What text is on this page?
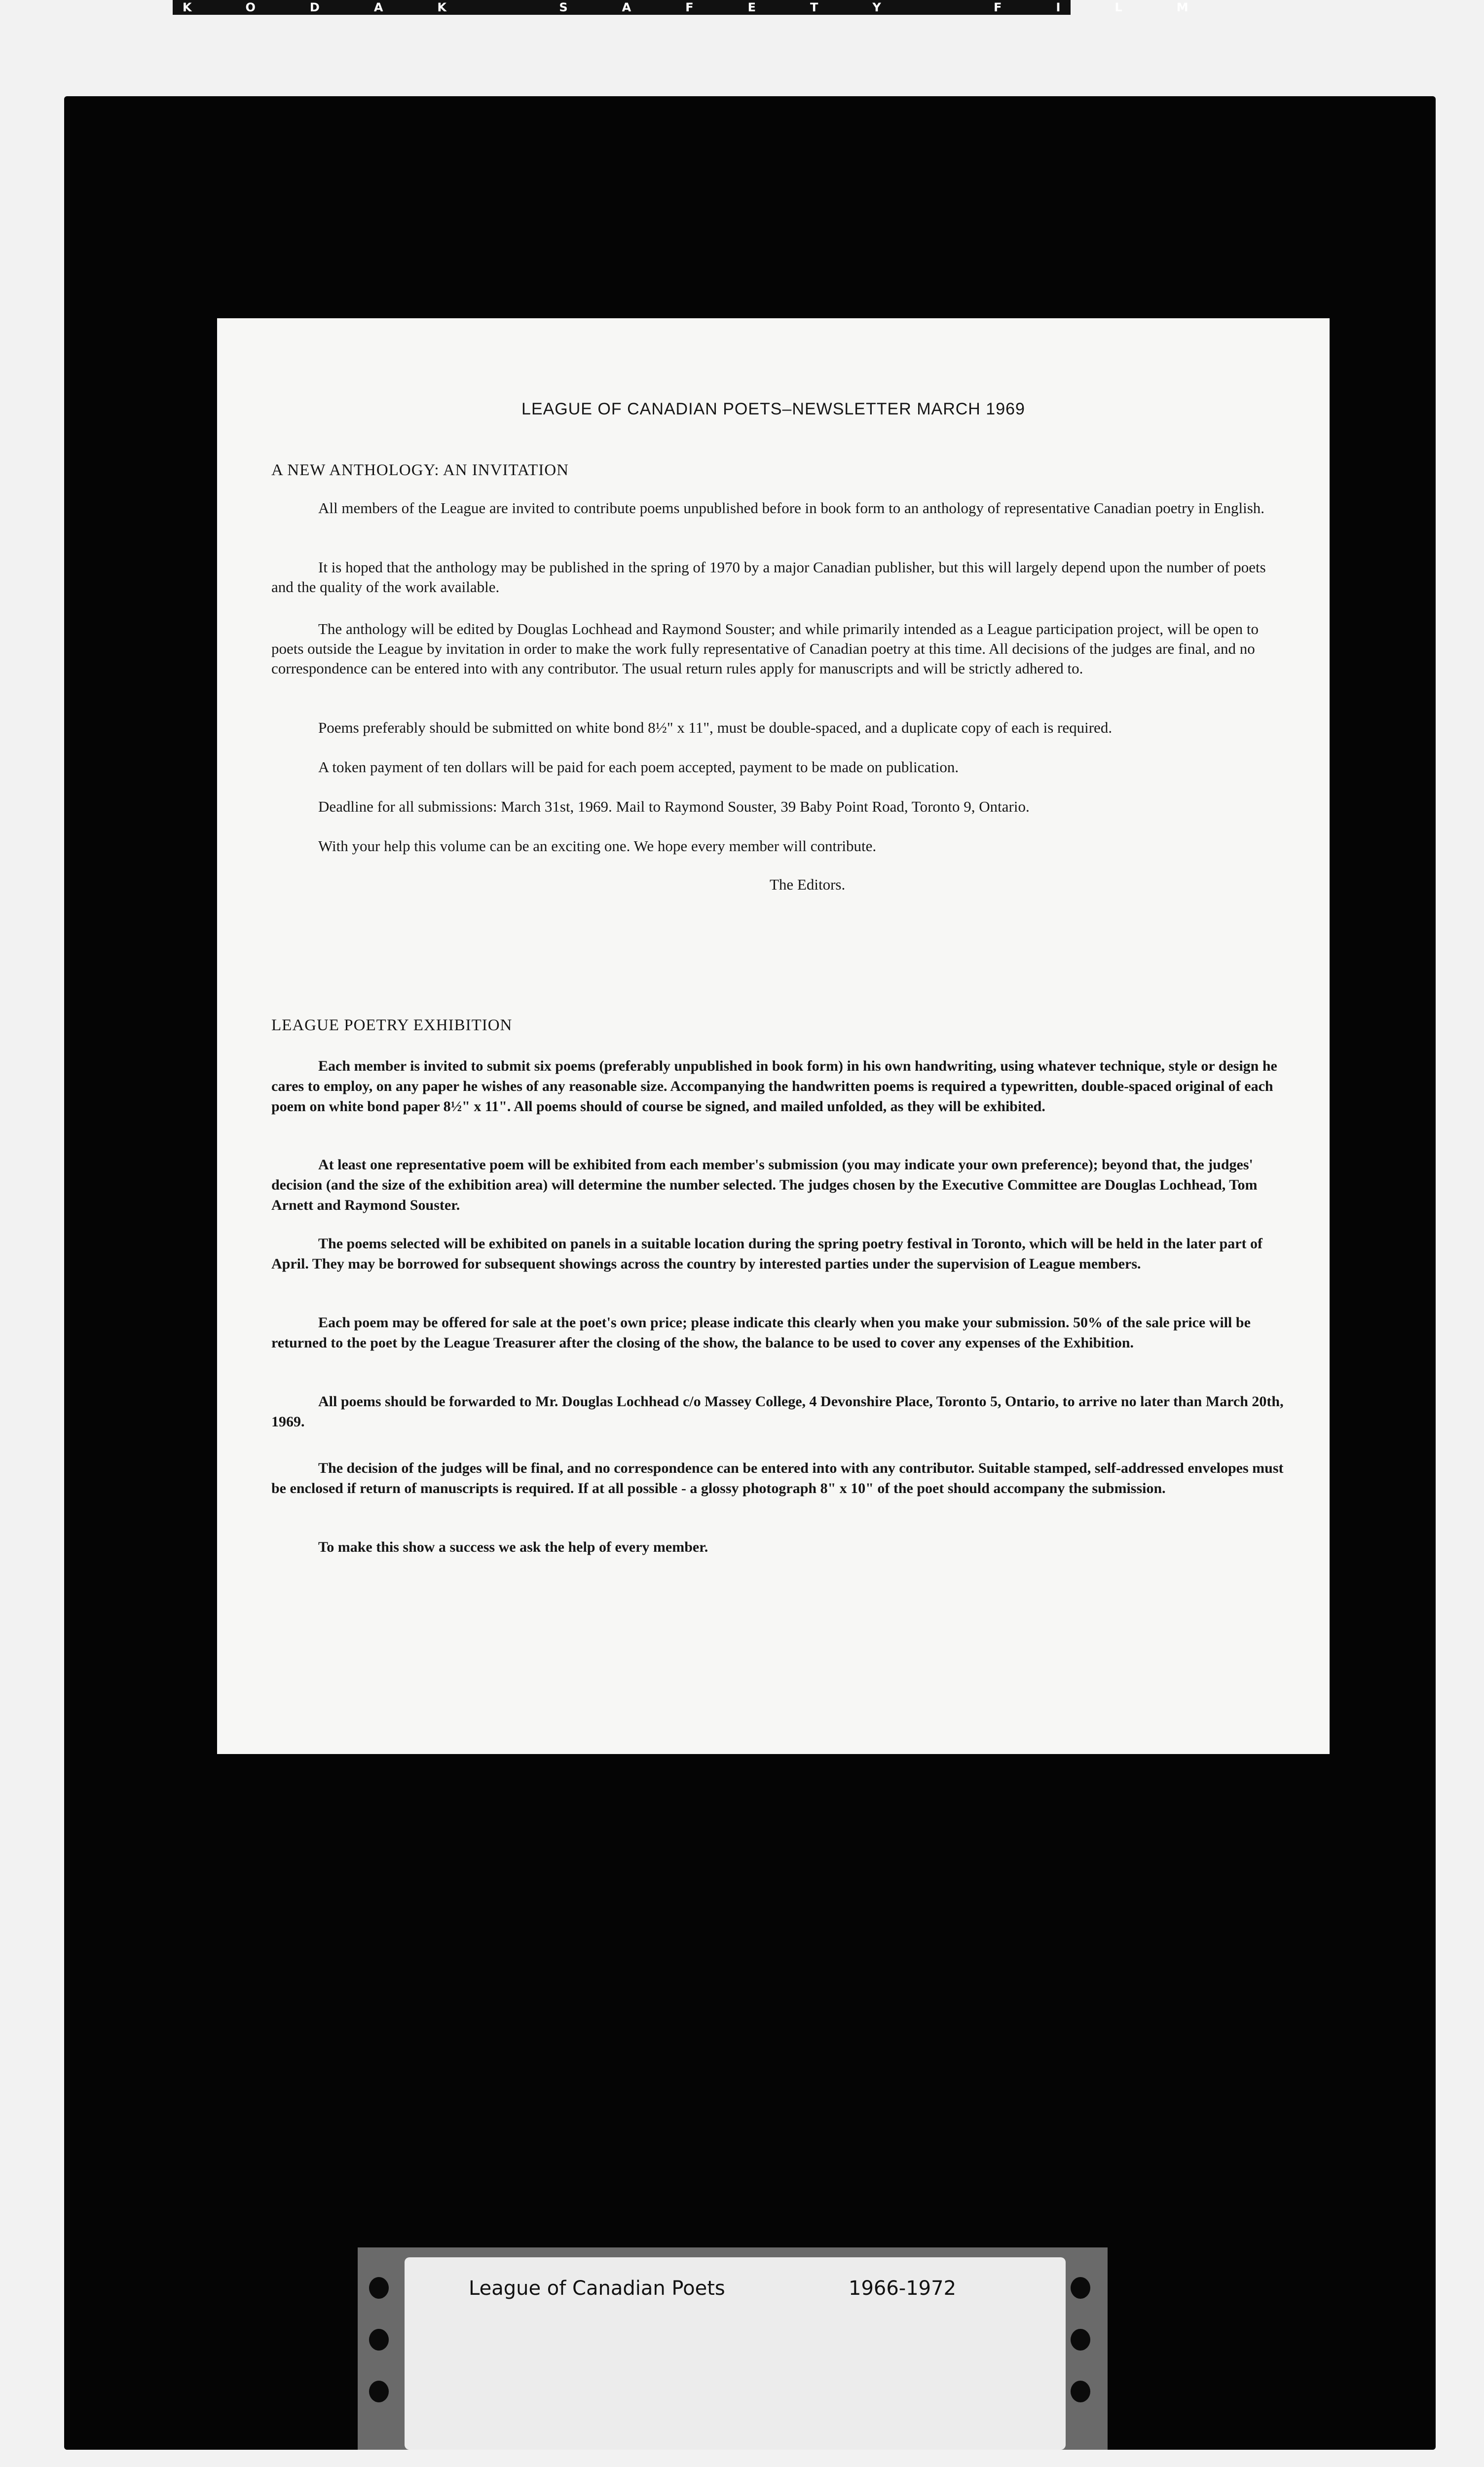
KODAK SAFETY FILM
LEAGUE OF CANADIAN POETS–NEWSLETTER MARCH 1969
A NEW ANTHOLOGY: AN INVITATION

All members of the League are invited to contribute poems unpublished before in book form to an anthology of representative Canadian poetry in English.

It is hoped that the anthology may be published in the spring of 1970 by a major Canadian publisher, but this will largely depend upon the number of poets and the quality of the work available.

The anthology will be edited by Douglas Lochhead and Raymond Souster; and while primarily intended as a League participation project, will be open to poets outside the League by invitation in order to make the work fully representative of Canadian poetry at this time. All decisions of the judges are final, and no correspondence can be entered into with any contributor. The usual return rules apply for manuscripts and will be strictly adhered to.

Poems preferably should be submitted on white bond 8½" x 11", must be double-spaced, and a duplicate copy of each is required.

A token payment of ten dollars will be paid for each poem accepted, payment to be made on publication.

Deadline for all submissions: March 31st, 1969. Mail to Raymond Souster, 39 Baby Point Road, Toronto 9, Ontario.

With your help this volume can be an exciting one. We hope every member will contribute.

The Editors.
LEAGUE POETRY EXHIBITION

Each member is invited to submit six poems (preferably unpublished in book form) in his own handwriting, using whatever technique, style or design he cares to employ, on any paper he wishes of any reasonable size. Accompanying the handwritten poems is required a typewritten, double-spaced original of each poem on white bond paper 8½" x 11". All poems should of course be signed, and mailed unfolded, as they will be exhibited.

At least one representative poem will be exhibited from each member's submission (you may indicate your own preference); beyond that, the judges' decision (and the size of the exhibition area) will determine the number selected. The judges chosen by the Executive Committee are Douglas Lochhead, Tom Arnett and Raymond Souster.

The poems selected will be exhibited on panels in a suitable location during the spring poetry festival in Toronto, which will be held in the later part of April. They may be borrowed for subsequent showings across the country by interested parties under the supervision of League members.

Each poem may be offered for sale at the poet's own price; please indicate this clearly when you make your submission. 50% of the sale price will be returned to the poet by the League Treasurer after the closing of the show, the balance to be used to cover any expenses of the Exhibition.

All poems should be forwarded to Mr. Douglas Lochhead c/o Massey College, 4 Devonshire Place, Toronto 5, Ontario, to arrive no later than March 20th, 1969.

The decision of the judges will be final, and no correspondence can be entered into with any contributor. Suitable stamped, self-addressed envelopes must be enclosed if return of manuscripts is required. If at all possible - a glossy photograph 8" x 10" of the poet should accompany the submission.

To make this show a success we ask the help of every member.

League of Canadian Poets	1966-1972
